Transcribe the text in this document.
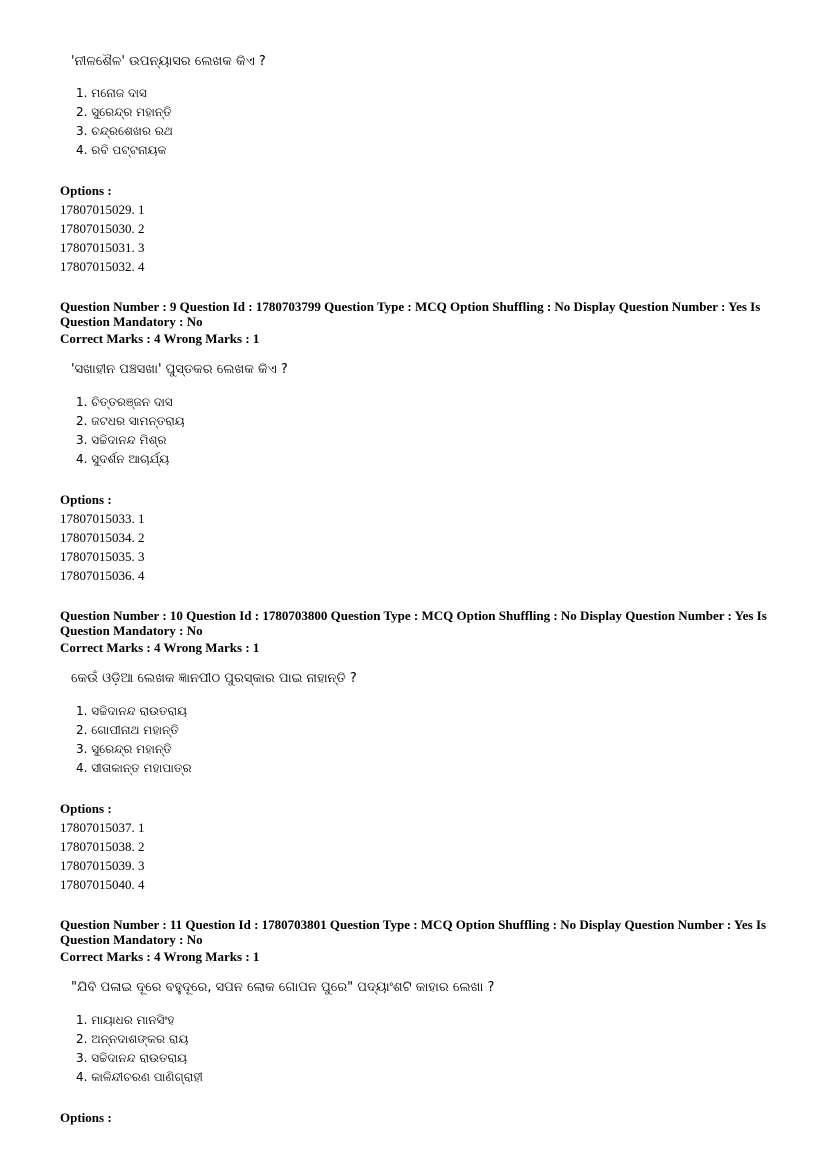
'ନୀଳଶୈଳ' ଉପନ୍ୟାସର ଲେଖକ କିଏ ?
1. ମନୋଜ ଦାସ
2. ସୁରେନ୍ଦ୍ର ମହାନ୍ତି
3. ଚନ୍ଦ୍ରଶେଖର ରଥ
4. ରବି ପଟ୍ଟନାୟକ
Options :
17807015029. 1
17807015030. 2
17807015031. 3
17807015032. 4
Question Number : 9 Question Id : 1780703799 Question Type : MCQ Option Shuffling : No Display Question Number : Yes Is Question Mandatory : No
Correct Marks : 4 Wrong Marks : 1
'ସଖାହୀନ ପଞ୍ଚସଖା' ପୁସ୍ତକର ଲେଖକ କିଏ ?
1. ଚିତ୍ତରଞ୍ଜନ ଦାସ
2. ଜଟଧର ସାମନ୍ତରାୟ
3. ସଚ୍ଚିଦାନନ୍ଦ ମିଶ୍ର
4. ସୁଦର୍ଶନ ଆଚାର୍ଯ୍ୟ
Options :
17807015033. 1
17807015034. 2
17807015035. 3
17807015036. 4
Question Number : 10 Question Id : 1780703800 Question Type : MCQ Option Shuffling : No Display Question Number : Yes Is Question Mandatory : No
Correct Marks : 4 Wrong Marks : 1
କେଉଁ ଓଡ଼ିଆ ଲେଖକ ଜ୍ଞାନପୀଠ ପୁରସ୍କାର ପାଇ ନାହାନ୍ତି ?
1. ସଚ୍ଚିଦାନନ୍ଦ ରାଉତରାୟ
2. ଗୋପୀନାଥ ମହାନ୍ତି
3. ସୁରେନ୍ଦ୍ର ମହାନ୍ତି
4. ସୀତାକାନ୍ତ ମହାପାତ୍ର
Options :
17807015037. 1
17807015038. 2
17807015039. 3
17807015040. 4
Question Number : 11 Question Id : 1780703801 Question Type : MCQ Option Shuffling : No Display Question Number : Yes Is Question Mandatory : No
Correct Marks : 4 Wrong Marks : 1
"ଯିବି ପଳାଇ ଦୂରେ ବହୁଦୂରେ, ସପନ ଲୋକ ଗୋପନ ପୁରେ" ପଦ୍ୟାଂଶଟି କାହାର ଲେଖା ?
1. ମାୟାଧର ମାନସିଂହ
2. ଅନ୍ନଦାଶଙ୍କର ରାୟ
3. ସଚ୍ଚିଦାନନ୍ଦ ରାଉତରାୟ
4. କାଳିନ୍ଦୀଚରଣ ପାଣିଗ୍ରାହୀ
Options :
